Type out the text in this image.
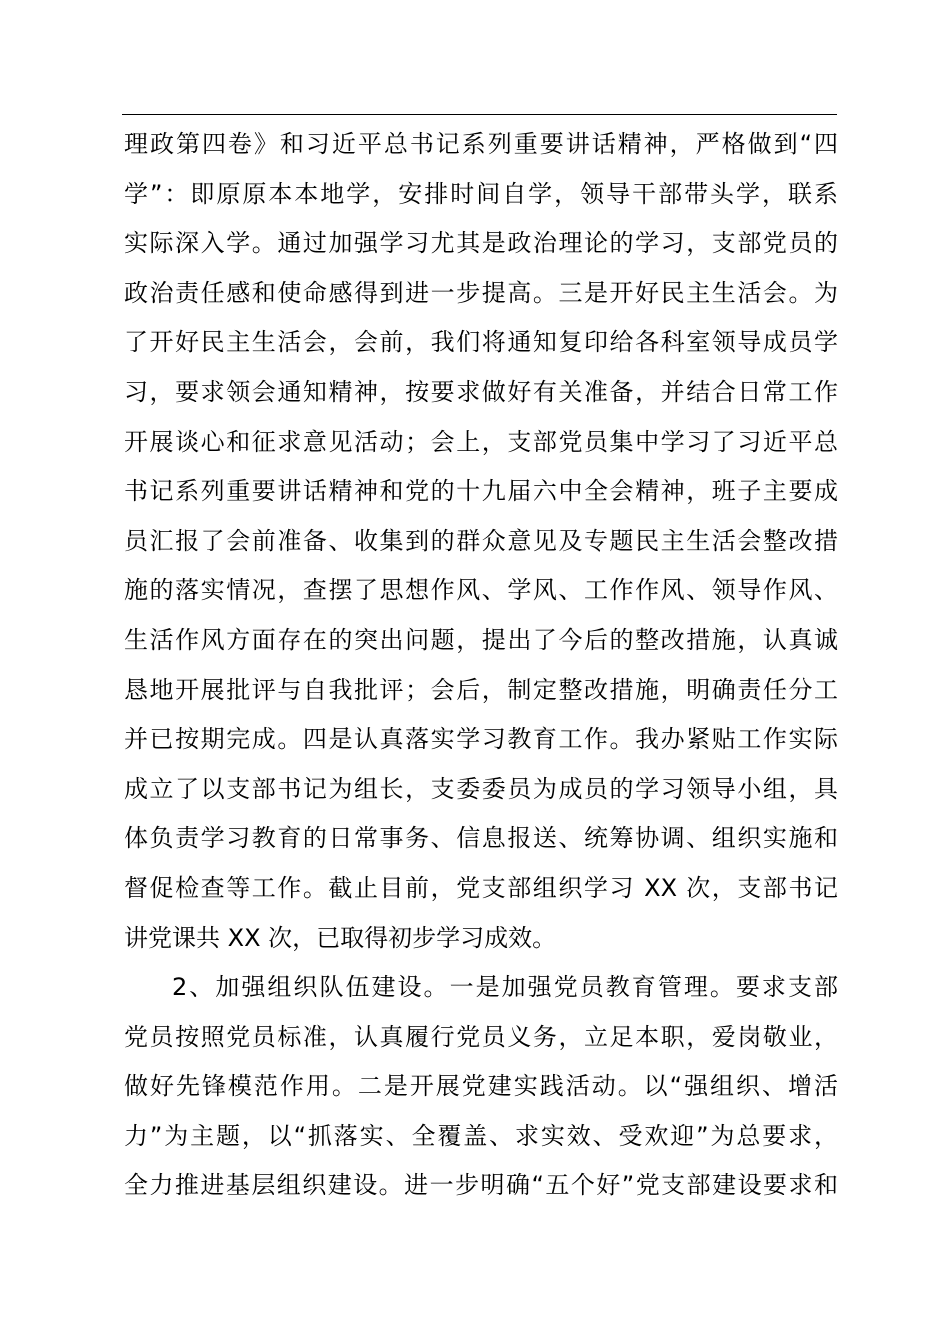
理政第四卷》和习近平总书记系列重要讲话精神，严格做到“四
学”：即原原本本地学，安排时间自学，领导干部带头学，联系
实际深入学。通过加强学习尤其是政治理论的学习，支部党员的
政治责任感和使命感得到进一步提高。三是开好民主生活会。为
了开好民主生活会，会前，我们将通知复印给各科室领导成员学
习，要求领会通知精神，按要求做好有关准备，并结合日常工作
开展谈心和征求意见活动；会上，支部党员集中学习了习近平总
书记系列重要讲话精神和党的十九届六中全会精神，班子主要成
员汇报了会前准备、收集到的群众意见及专题民主生活会整改措
施的落实情况，查摆了思想作风、学风、工作作风、领导作风、
生活作风方面存在的突出问题，提出了今后的整改措施，认真诚
恳地开展批评与自我批评；会后，制定整改措施，明确责任分工
并已按期完成。四是认真落实学习教育工作。我办紧贴工作实际
成立了以支部书记为组长，支委委员为成员的学习领导小组，具
体负责学习教育的日常事务、信息报送、统筹协调、组织实施和
督促检查等工作。截止目前，党支部组织学习 XX 次，支部书记
讲党课共 XX 次，已取得初步学习成效。
2、加强组织队伍建设。一是加强党员教育管理。要求支部
党员按照党员标准，认真履行党员义务，立足本职，爱岗敬业，
做好先锋模范作用。二是开展党建实践活动。以“强组织、增活
力”为主题，以“抓落实、全覆盖、求实效、受欢迎”为总要求，
全力推进基层组织建设。进一步明确“五个好”党支部建设要求和
